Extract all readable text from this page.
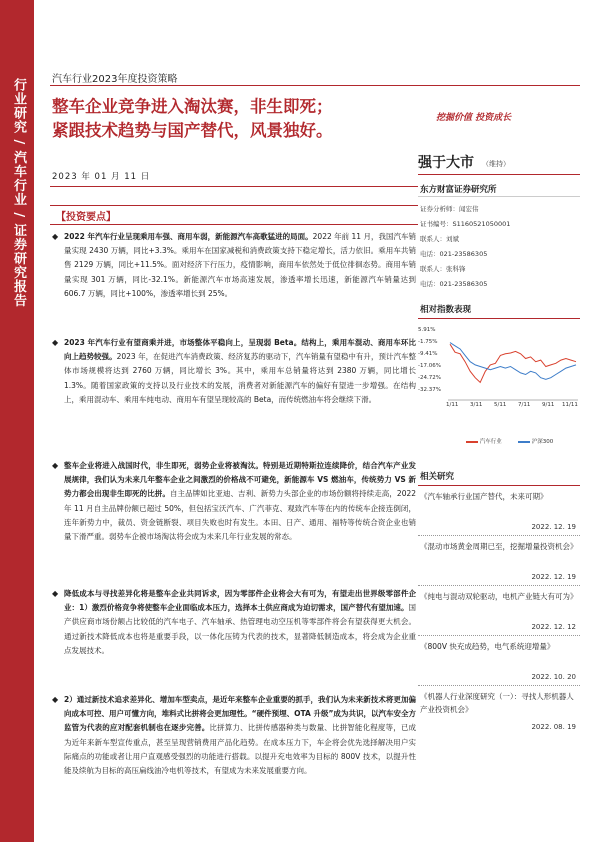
行业研究 / 汽车行业 / 证券研究报告	汽车行业2023年度投资策略
整车企业竞争进入淘汰赛，非生即死；
紧跟技术趋势与国产替代，风景独好。
2023 年 01 月 11 日
挖掘价值 投资成长
强于大市 （维持）
东方财富证券研究所
证券分析师：闻宏伟
证书编号：S1160521050001
联系人：刘斌
电话：021-23586305
联系人：张科锋
电话：021-23586305
相对指数表现
5.91%
-1.75%
-9.41%
-17.06%
-24.72%
-32.37%
1/11 3/11 5/11 7/11 9/11 11/11
汽车行业	沪深300
相关研究
《汽车轴承行业国产替代，未来可期》
2022. 12. 19
《混动市场黄金周期已至，挖掘增量投资机会》
2022. 12. 19
《纯电与混动双轮驱动，电机产业链大有可为》
2022. 12. 12
《800V 快充成趋势，电气系统迎增量》
2022. 10. 20
《机器人行业深度研究（一）：寻找人形机器人产业投资机会》
2022. 08. 19
【投资要点】
◆ 2022 年汽车行业呈现乘用车强、商用车弱，新能源汽车高歌猛进的局面。2022 年前 11 月，我国汽车销量实现 2430 万辆，同比+3.3%。乘用车在国家减税和消费政策支持下稳定增长，活力依旧。乘用车共销售 2129 万辆，同比+11.5%。面对经济下行压力，疫情影响，商用车依然处于低位徘徊态势。商用车销量实现 301 万辆，同比-32.1%。新能源汽车市场高速发展，渗透率增长迅速，新能源汽车销量达到 606.7 万辆，同比+100%，渗透率增长到 25%。
◆ 2023 年汽车行业有望商乘并进，市场整体平稳向上，呈现弱 Beta。结构上，乘用车混动、商用车环比向上趋势较强。2023 年，在促进汽车消费政策、经济复苏的驱动下，汽车销量有望稳中有升，预计汽车整体市场规模将达到 2760 万辆，同比增长 3%。其中，乘用车总销量将达到 2380 万辆，同比增长 1.3%。随着国家政策的支持以及行业技术的发展，消费者对新能源汽车的偏好有望进一步增强。在结构上，乘用混动车、乘用车纯电动、商用车有望呈现较高的 Beta，而传统燃油车将会继续下滑。
◆ 整车企业将进入战国时代，非生即死，弱势企业将被淘汰。特别是近期特斯拉连续降价，结合汽车产业发展规律，我们认为未来几年整车企业之间激烈的价格战不可避免，新能源车 VS 燃油车，传统势力 VS 新势力都会出现非生即死的比拼。自主品牌如比亚迪、吉利、新势力头部企业的市场份额将持续走高，2022 年 11 月自主品牌份额已超过 50%，但包括宝沃汽车、广汽菲克、观致汽车等在内的传统车企接连倒闭，连年新势力中，裁员、资金链断裂、项目失败也时有发生。本田、日产、通用、福特等传统合资企业也销量下滑严重。弱势车企被市场淘汰将会成为未来几年行业发展的常态。
◆ 降低成本与寻找差异化将是整车企业共同诉求，因为零部件企业将会大有可为，有望走出世界级零部件企业：1）激烈价格竞争将使整车企业面临成本压力，选择本土供应商成为迫切需求，国产替代有望加速。国产供应商市场份额占比较低的汽车电子、汽车轴承、热管理电动空压机等零部件将会有望获得更大机会。通过新技术降低成本也将是重要手段，以一体化压铸为代表的技术，显著降低制造成本，将会成为企业重点发展技术。
◆ 2）通过新技术追求差异化、增加车型卖点，是近年来整车企业重要的抓手，我们认为未来新技术将更加偏向成本可控、用户可懂方向，堆料式比拼将会更加理性。“硬件预埋、OTA 升级”成为共识，以汽车安全方监管为代表的应对配套机制也在逐步完善。比拼算力、比拼传感器种类与数量、比拼智能化程度等，已成为近年来新车型宣传重点，甚至呈现营销费用产品化趋势。在成本压力下，车企将会优先选择解决用户实际痛点的功能或者让用户直观感受强烈的功能进行搭载。以提升充电效率为目标的 800V 技术，以提升性能及续航为目标的高压扁线油冷电机等技术，有望成为未来发展重要方向。
